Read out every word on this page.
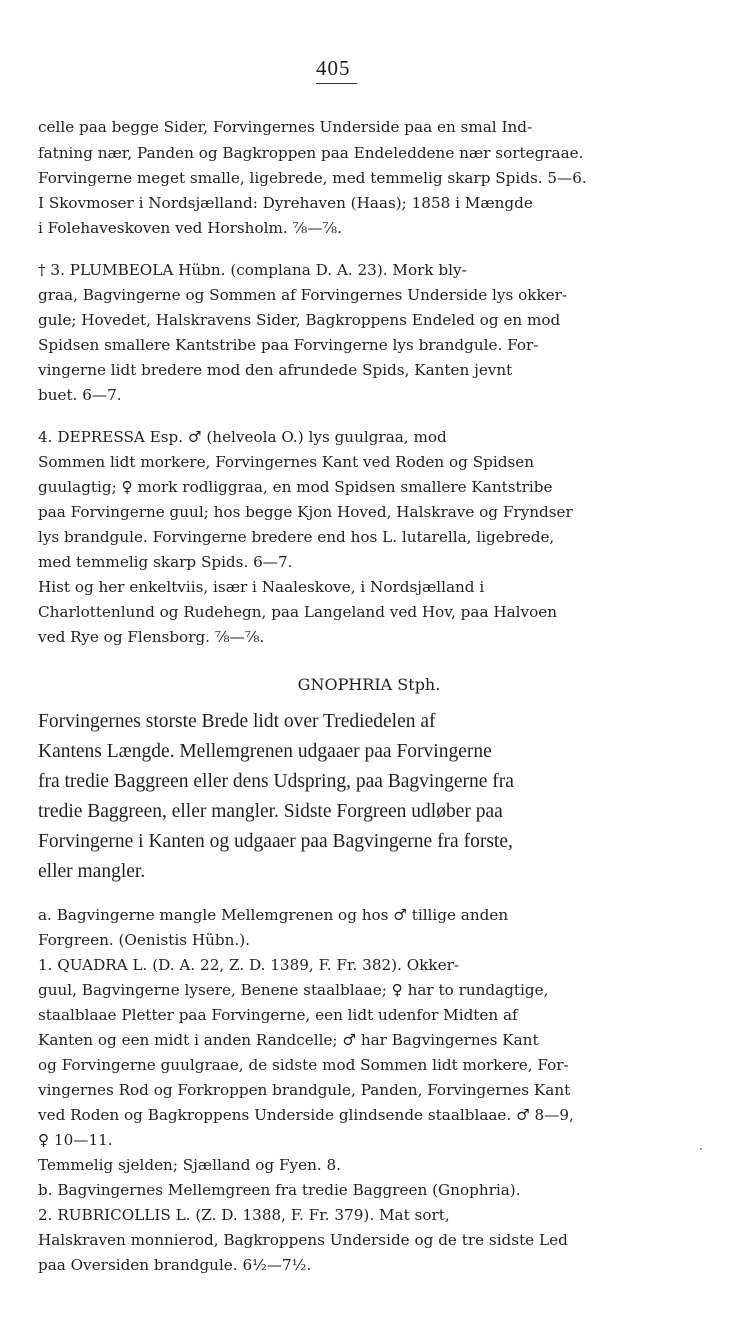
405
celle paa begge Sider, Forvingernes Underside paa en smal Ind-
fatning nær, Panden og Bagkroppen paa Endeleddene nær sortegraae.
Forvingerne meget smalle, ligebrede, med temmelig skarp Spids. 5—6.
I Skovmoser i Nordsjælland: Dyrehaven (Haas); 1858 i Mængde
i Folehaveskoven ved Horsholm. ⅞—⅞.
† 3. PLUMBEOLA Hübn. (complana D. A. 23). Mork bly-
graa, Bagvingerne og Sommen af Forvingernes Underside lys okker-
gule; Hovedet, Halskravens Sider, Bagkroppens Endeled og en mod
Spidsen smallere Kantstribe paa Forvingerne lys brandgule. For-
vingerne lidt bredere mod den afrundede Spids, Kanten jevnt
buet. 6—7.
4. DEPRESSA Esp. ♂ (helveola O.) lys guulgraa, mod
Sommen lidt morkere, Forvingernes Kant ved Roden og Spidsen
guulagtig; ♀ mork rodliggraa, en mod Spidsen smallere Kantstribe
paa Forvingerne guul; hos begge Kjon Hoved, Halskrave og Fryndser
lys brandgule. Forvingerne bredere end hos L. lutarella, ligebrede,
med temmelig skarp Spids. 6—7.
Hist og her enkeltviis, især i Naaleskove, i Nordsjælland i
Charlottenlund og Rudehegn, paa Langeland ved Hov, paa Halvoen
ved Rye og Flensborg. ⅞—⅞.
GNOPHRIA Stph.
Forvingernes storste Brede lidt over Trediedelen af
Kantens Længde. Mellemgrenen udgaaer paa Forvingerne
fra tredie Baggreen eller dens Udspring, paa Bagvingerne fra
tredie Baggreen, eller mangler. Sidste Forgreen udløber paa
Forvingerne i Kanten og udgaaer paa Bagvingerne fra forste,
eller mangler.
a. Bagvingerne mangle Mellemgrenen og hos ♂ tillige anden
Forgreen. (Oenistis Hübn.).
1. QUADRA L. (D. A. 22, Z. D. 1389, F. Fr. 382). Okker-
guul, Bagvingerne lysere, Benene staalblaae; ♀ har to rundagtige,
staalblaae Pletter paa Forvingerne, een lidt udenfor Midten af
Kanten og een midt i anden Randcelle; ♂ har Bagvingernes Kant
og Forvingerne guulgraae, de sidste mod Sommen lidt morkere, For-
vingernes Rod og Forkroppen brandgule, Panden, Forvingernes Kant
ved Roden og Bagkroppens Underside glindsende staalblaae. ♂ 8—9,
♀ 10—11.
Temmelig sjelden; Sjælland og Fyen. 8.
b. Bagvingernes Mellemgreen fra tredie Baggreen (Gnophria).
2. RUBRICOLLIS L. (Z. D. 1388, F. Fr. 379). Mat sort,
Halskraven monnierod, Bagkroppens Underside og de tre sidste Led
paa Oversiden brandgule. 6½—7½.
